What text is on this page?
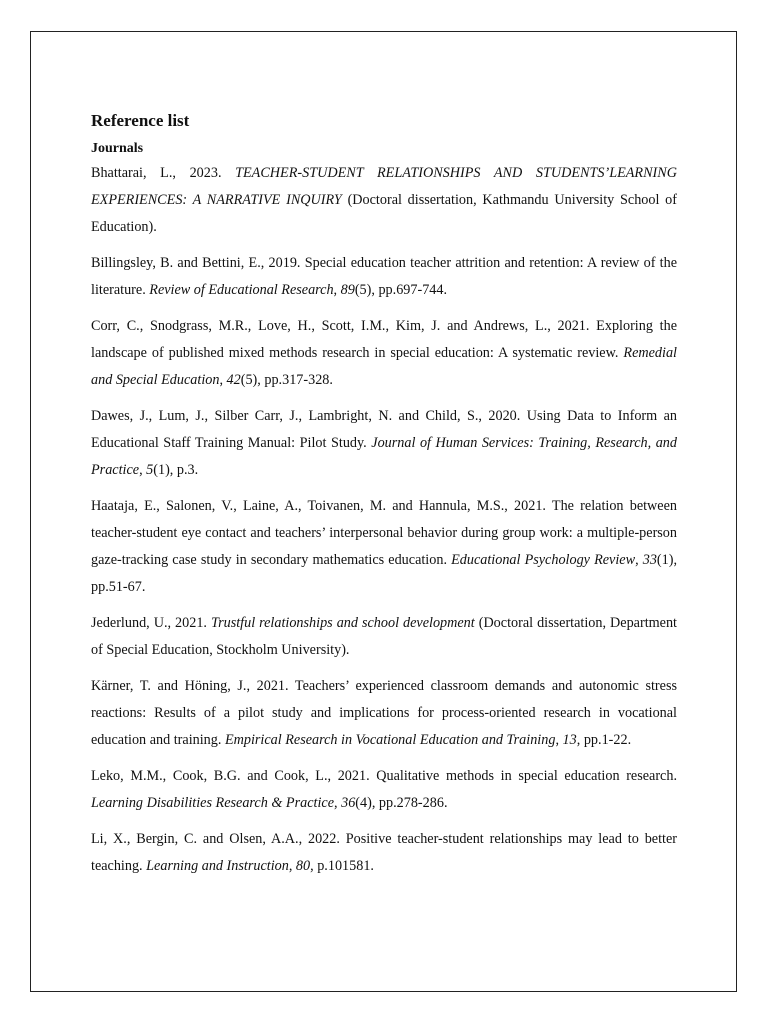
Reference list
Journals

Bhattarai, L., 2023. TEACHER-STUDENT RELATIONSHIPS AND STUDENTS’LEARNING EXPERIENCES: A NARRATIVE INQUIRY (Doctoral dissertation, Kathmandu University School of Education).

Billingsley, B. and Bettini, E., 2019. Special education teacher attrition and retention: A review of the literature. Review of Educational Research, 89(5), pp.697-744.

Corr, C., Snodgrass, M.R., Love, H., Scott, I.M., Kim, J. and Andrews, L., 2021. Exploring the landscape of published mixed methods research in special education: A systematic review. Remedial and Special Education, 42(5), pp.317-328.

Dawes, J., Lum, J., Silber Carr, J., Lambright, N. and Child, S., 2020. Using Data to Inform an Educational Staff Training Manual: Pilot Study. Journal of Human Services: Training, Research, and Practice, 5(1), p.3.

Haataja, E., Salonen, V., Laine, A., Toivanen, M. and Hannula, M.S., 2021. The relation between teacher-student eye contact and teachers’ interpersonal behavior during group work: a multiple-person gaze-tracking case study in secondary mathematics education. Educational Psychology Review, 33(1), pp.51-67.

Jederlund, U., 2021. Trustful relationships and school development (Doctoral dissertation, Department of Special Education, Stockholm University).

Kärner, T. and Höning, J., 2021. Teachers’ experienced classroom demands and autonomic stress reactions: Results of a pilot study and implications for process-oriented research in vocational education and training. Empirical Research in Vocational Education and Training, 13, pp.1-22.

Leko, M.M., Cook, B.G. and Cook, L., 2021. Qualitative methods in special education research. Learning Disabilities Research & Practice, 36(4), pp.278-286.

Li, X., Bergin, C. and Olsen, A.A., 2022. Positive teacher-student relationships may lead to better teaching. Learning and Instruction, 80, p.101581.
